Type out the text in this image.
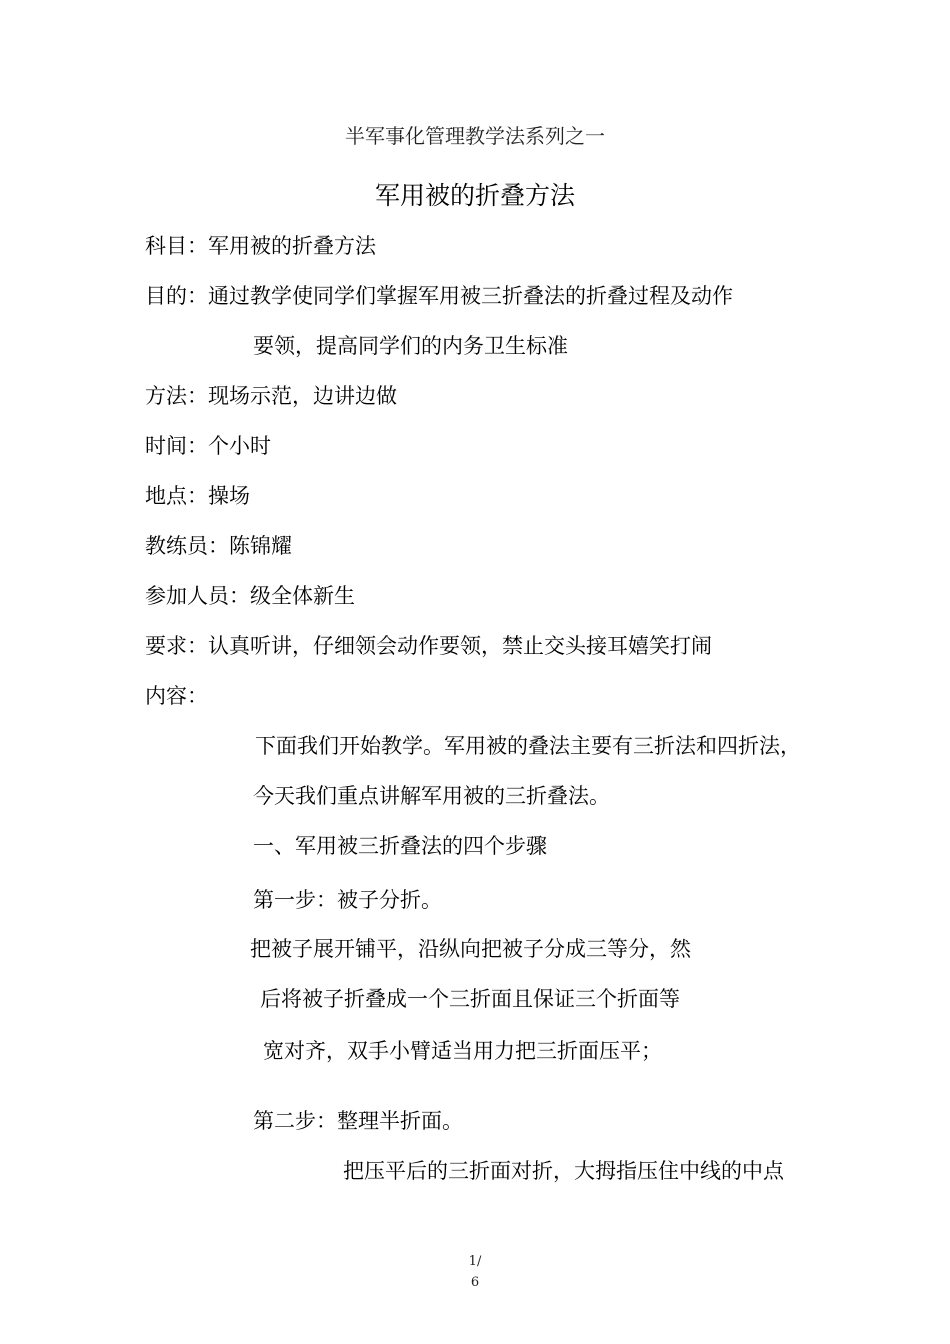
半军事化管理教学法系列之一
军用被的折叠方法
科目：军用被的折叠方法
目的：通过教学使同学们掌握军用被三折叠法的折叠过程及动作
要领，提高同学们的内务卫生标准
方法：现场示范，边讲边做
时间：个小时
地点：操场
教练员：陈锦耀
参加人员：级全体新生
要求：认真听讲，仔细领会动作要领，禁止交头接耳嬉笑打闹
内容：
下面我们开始教学。军用被的叠法主要有三折法和四折法，
今天我们重点讲解军用被的三折叠法。
一、军用被三折叠法的四个步骤
第一步：被子分折。
把被子展开铺平，沿纵向把被子分成三等分，然
后将被子折叠成一个三折面且保证三个折面等
宽对齐，双手小臂适当用力把三折面压平；
第二步：整理半折面。
把压平后的三折面对折，大拇指压住中线的中点
1/
6
